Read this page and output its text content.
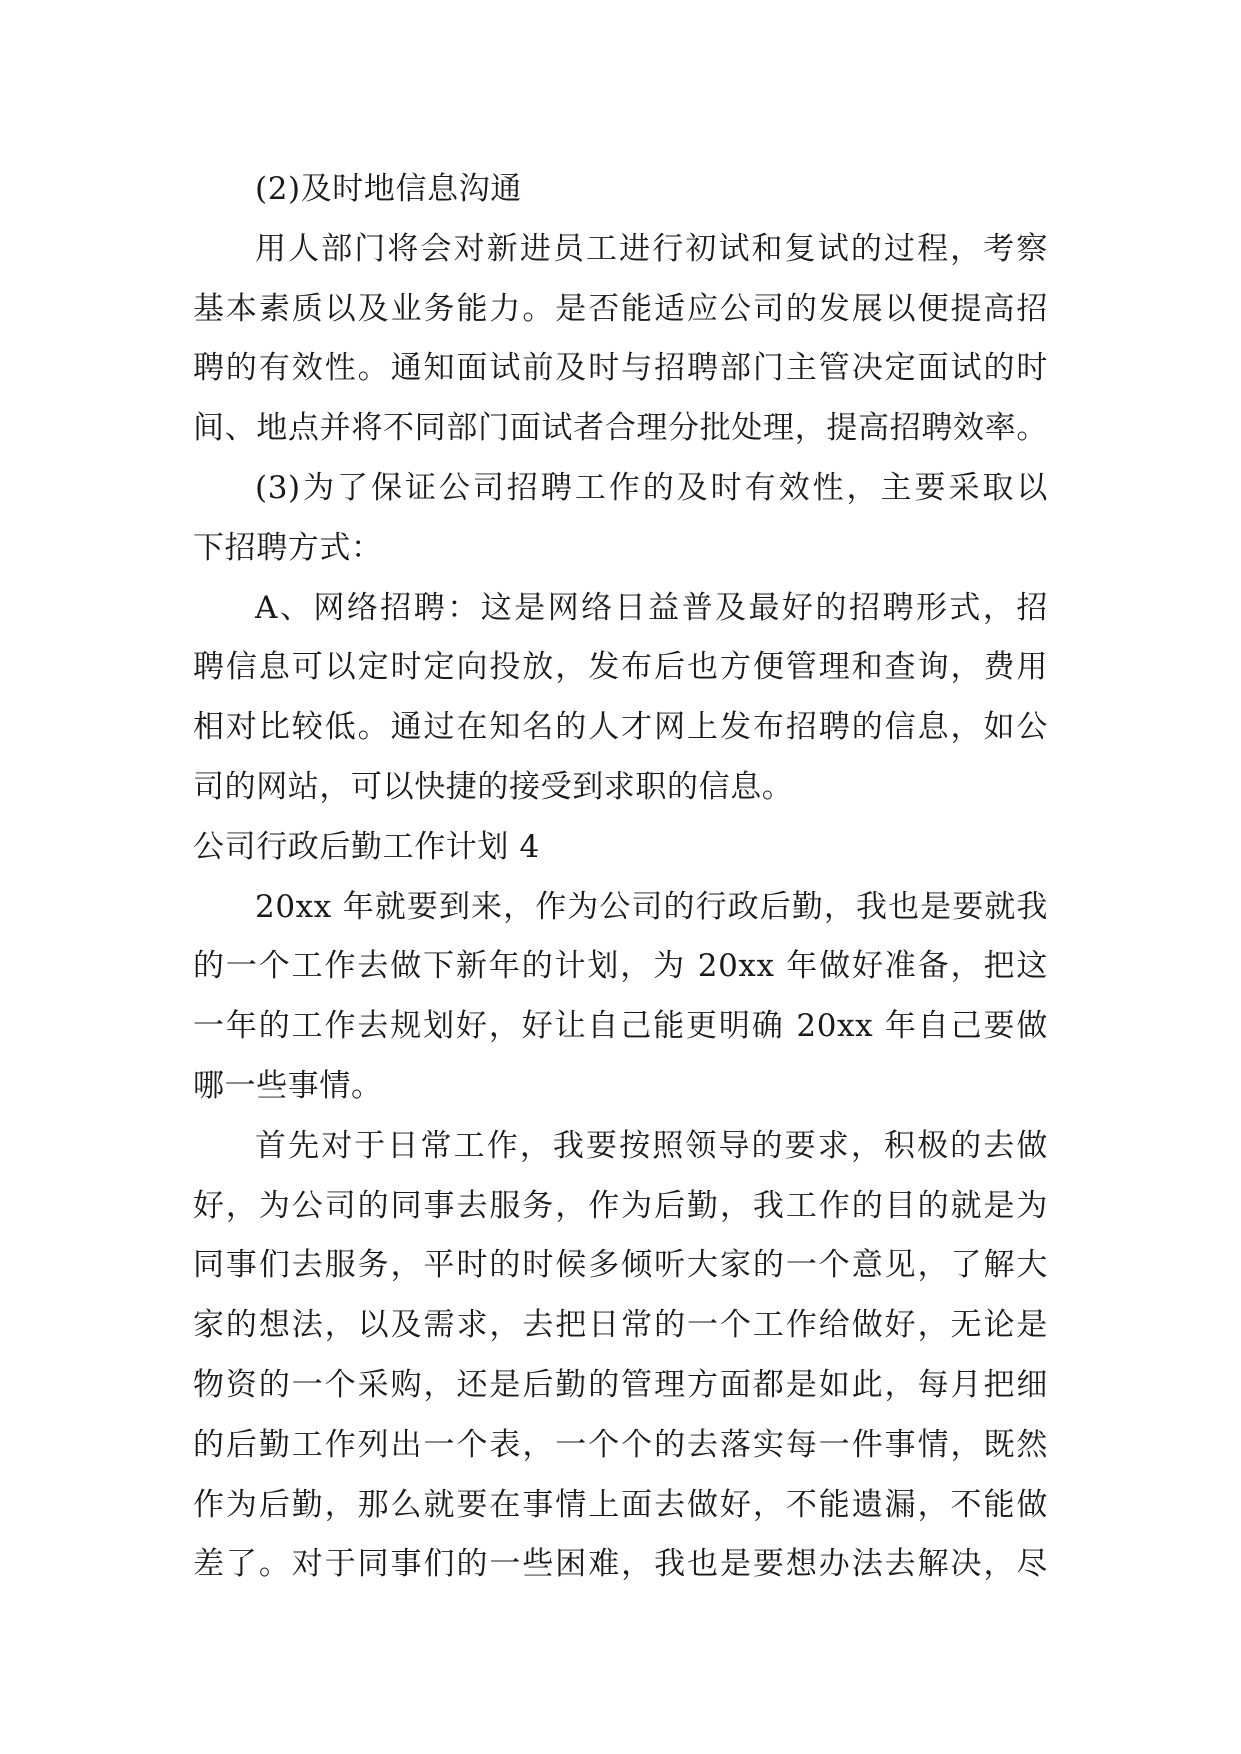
(2)及时地信息沟通
用人部门将会对新进员工进行初试和复试的过程，考察
基本素质以及业务能力。是否能适应公司的发展以便提高招
聘的有效性。通知面试前及时与招聘部门主管决定面试的时
间、地点并将不同部门面试者合理分批处理，提高招聘效率。
(3)为了保证公司招聘工作的及时有效性，主要采取以
下招聘方式：
A、网络招聘：这是网络日益普及最好的招聘形式，招
聘信息可以定时定向投放，发布后也方便管理和查询，费用
相对比较低。通过在知名的人才网上发布招聘的信息，如公
司的网站，可以快捷的接受到求职的信息。
公司行政后勤工作计划 4
20xx 年就要到来，作为公司的行政后勤，我也是要就我
的一个工作去做下新年的计划，为 20xx 年做好准备，把这
一年的工作去规划好，好让自己能更明确 20xx 年自己要做
哪一些事情。
首先对于日常工作，我要按照领导的要求，积极的去做
好，为公司的同事去服务，作为后勤，我工作的目的就是为
同事们去服务，平时的时候多倾听大家的一个意见，了解大
家的想法，以及需求，去把日常的一个工作给做好，无论是
物资的一个采购，还是后勤的管理方面都是如此，每月把细
的后勤工作列出一个表，一个个的去落实每一件事情，既然
作为后勤，那么就要在事情上面去做好，不能遗漏，不能做
差了。对于同事们的一些困难，我也是要想办法去解决，尽
